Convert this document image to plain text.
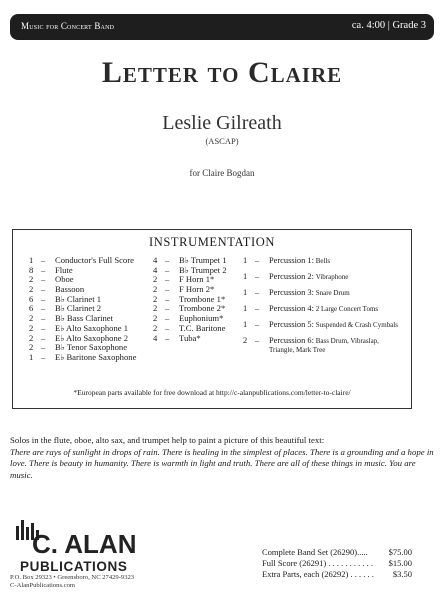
Music for Concert Band	ca. 4:00 | Grade 3
Letter to Claire
Leslie Gilreath
(ASCAP)
for Claire Bogdan
INSTRUMENTATION
1 – Conductor's Full Score
8 – Flute
2 – Oboe
2 – Bassoon
6 – B♭ Clarinet 1
6 – B♭ Clarinet 2
2 – B♭ Bass Clarinet
2 – E♭ Alto Saxophone 1
2 – E♭ Alto Saxophone 2
2 – B♭ Tenor Saxophone
1 – E♭ Baritone Saxophone
4 – B♭ Trumpet 1
4 – B♭ Trumpet 2
2 – F Horn 1*
2 – F Horn 2*
2 – Trombone 1*
2 – Trombone 2*
2 – Euphonium*
2 – T.C. Baritone
4 – Tuba*
1 – Percussion 1: Bells
1 – Percussion 2: Vibraphone
1 – Percussion 3: Snare Drum
1 – Percussion 4: 2 Large Concert Toms
1 – Percussion 5: Suspended & Crash Cymbals
2 – Percussion 6: Bass Drum, Vibraslap,
Triangle, Mark Tree
*European parts available for free download at http://c-alanpublications.com/letter-to-claire/
Solos in the flute, oboe, alto sax, and trumpet help to paint a picture of this beautiful text:
There are rays of sunlight in drops of rain. There is healing in the simplest of places. There is a grounding and a hope in love. There is beauty in humanity. There is warmth in light and truth. There are all of these things in music. You are music.
C. ALAN
PUBLICATIONS
P.O. Box 29323 • Greensboro, NC 27429-9323
C-AlanPublications.com
Complete Band Set (26290)..... $75.00
Full Score (26291) . . . . . . . . . . . $15.00
Extra Parts, each (26292) . . . . . . $3.50
